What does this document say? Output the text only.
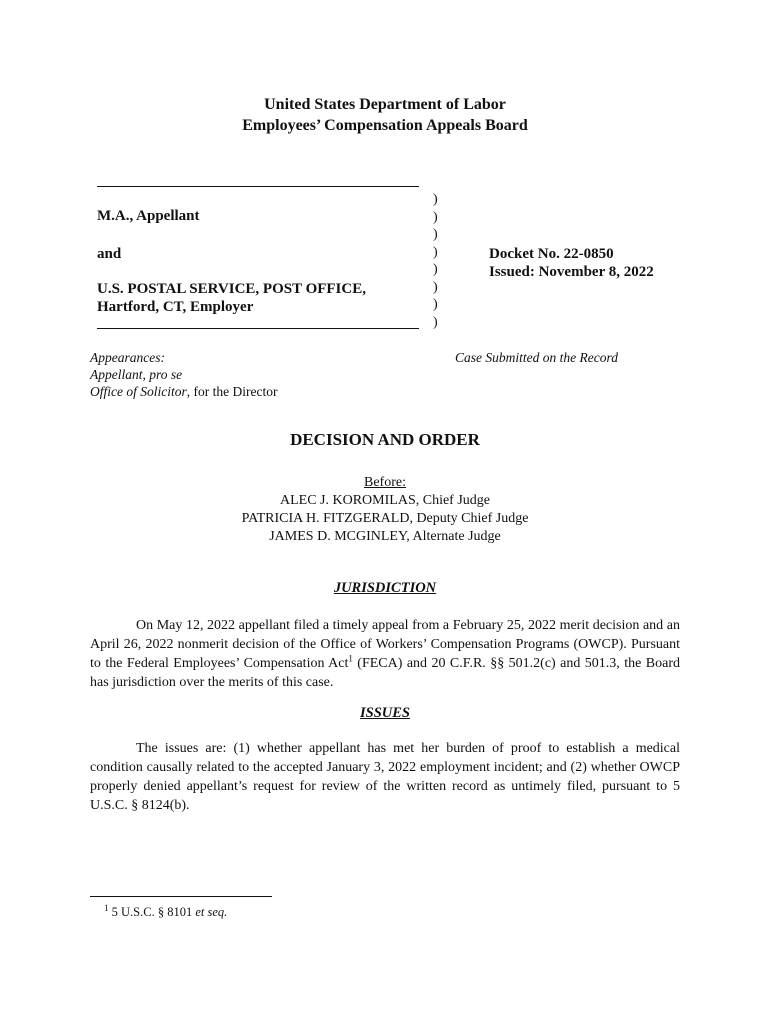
United States Department of Labor
Employees’ Compensation Appeals Board
M.A., Appellant
and
U.S. POSTAL SERVICE, POST OFFICE,
Hartford, CT, Employer
)
)
)
)
)
)
)
)
Docket No. 22-0850
Issued: November 8, 2022
Appearances:
Appellant, pro se
Office of Solicitor, for the Director
Case Submitted on the Record
DECISION AND ORDER
Before:
ALEC J. KOROMILAS, Chief Judge
PATRICIA H. FITZGERALD, Deputy Chief Judge
JAMES D. MCGINLEY, Alternate Judge
JURISDICTION
On May 12, 2022 appellant filed a timely appeal from a February 25, 2022 merit decision and an April 26, 2022 nonmerit decision of the Office of Workers’ Compensation Programs (OWCP). Pursuant to the Federal Employees’ Compensation Act$^1$ (FECA) and 20 C.F.R. §§ 501.2(c) and 501.3, the Board has jurisdiction over the merits of this case.
ISSUES
The issues are: (1) whether appellant has met her burden of proof to establish a medical condition causally related to the accepted January 3, 2022 employment incident; and (2) whether OWCP properly denied appellant’s request for review of the written record as untimely filed, pursuant to 5 U.S.C. § 8124(b).
$^1$ 5 U.S.C. § 8101 et seq.
